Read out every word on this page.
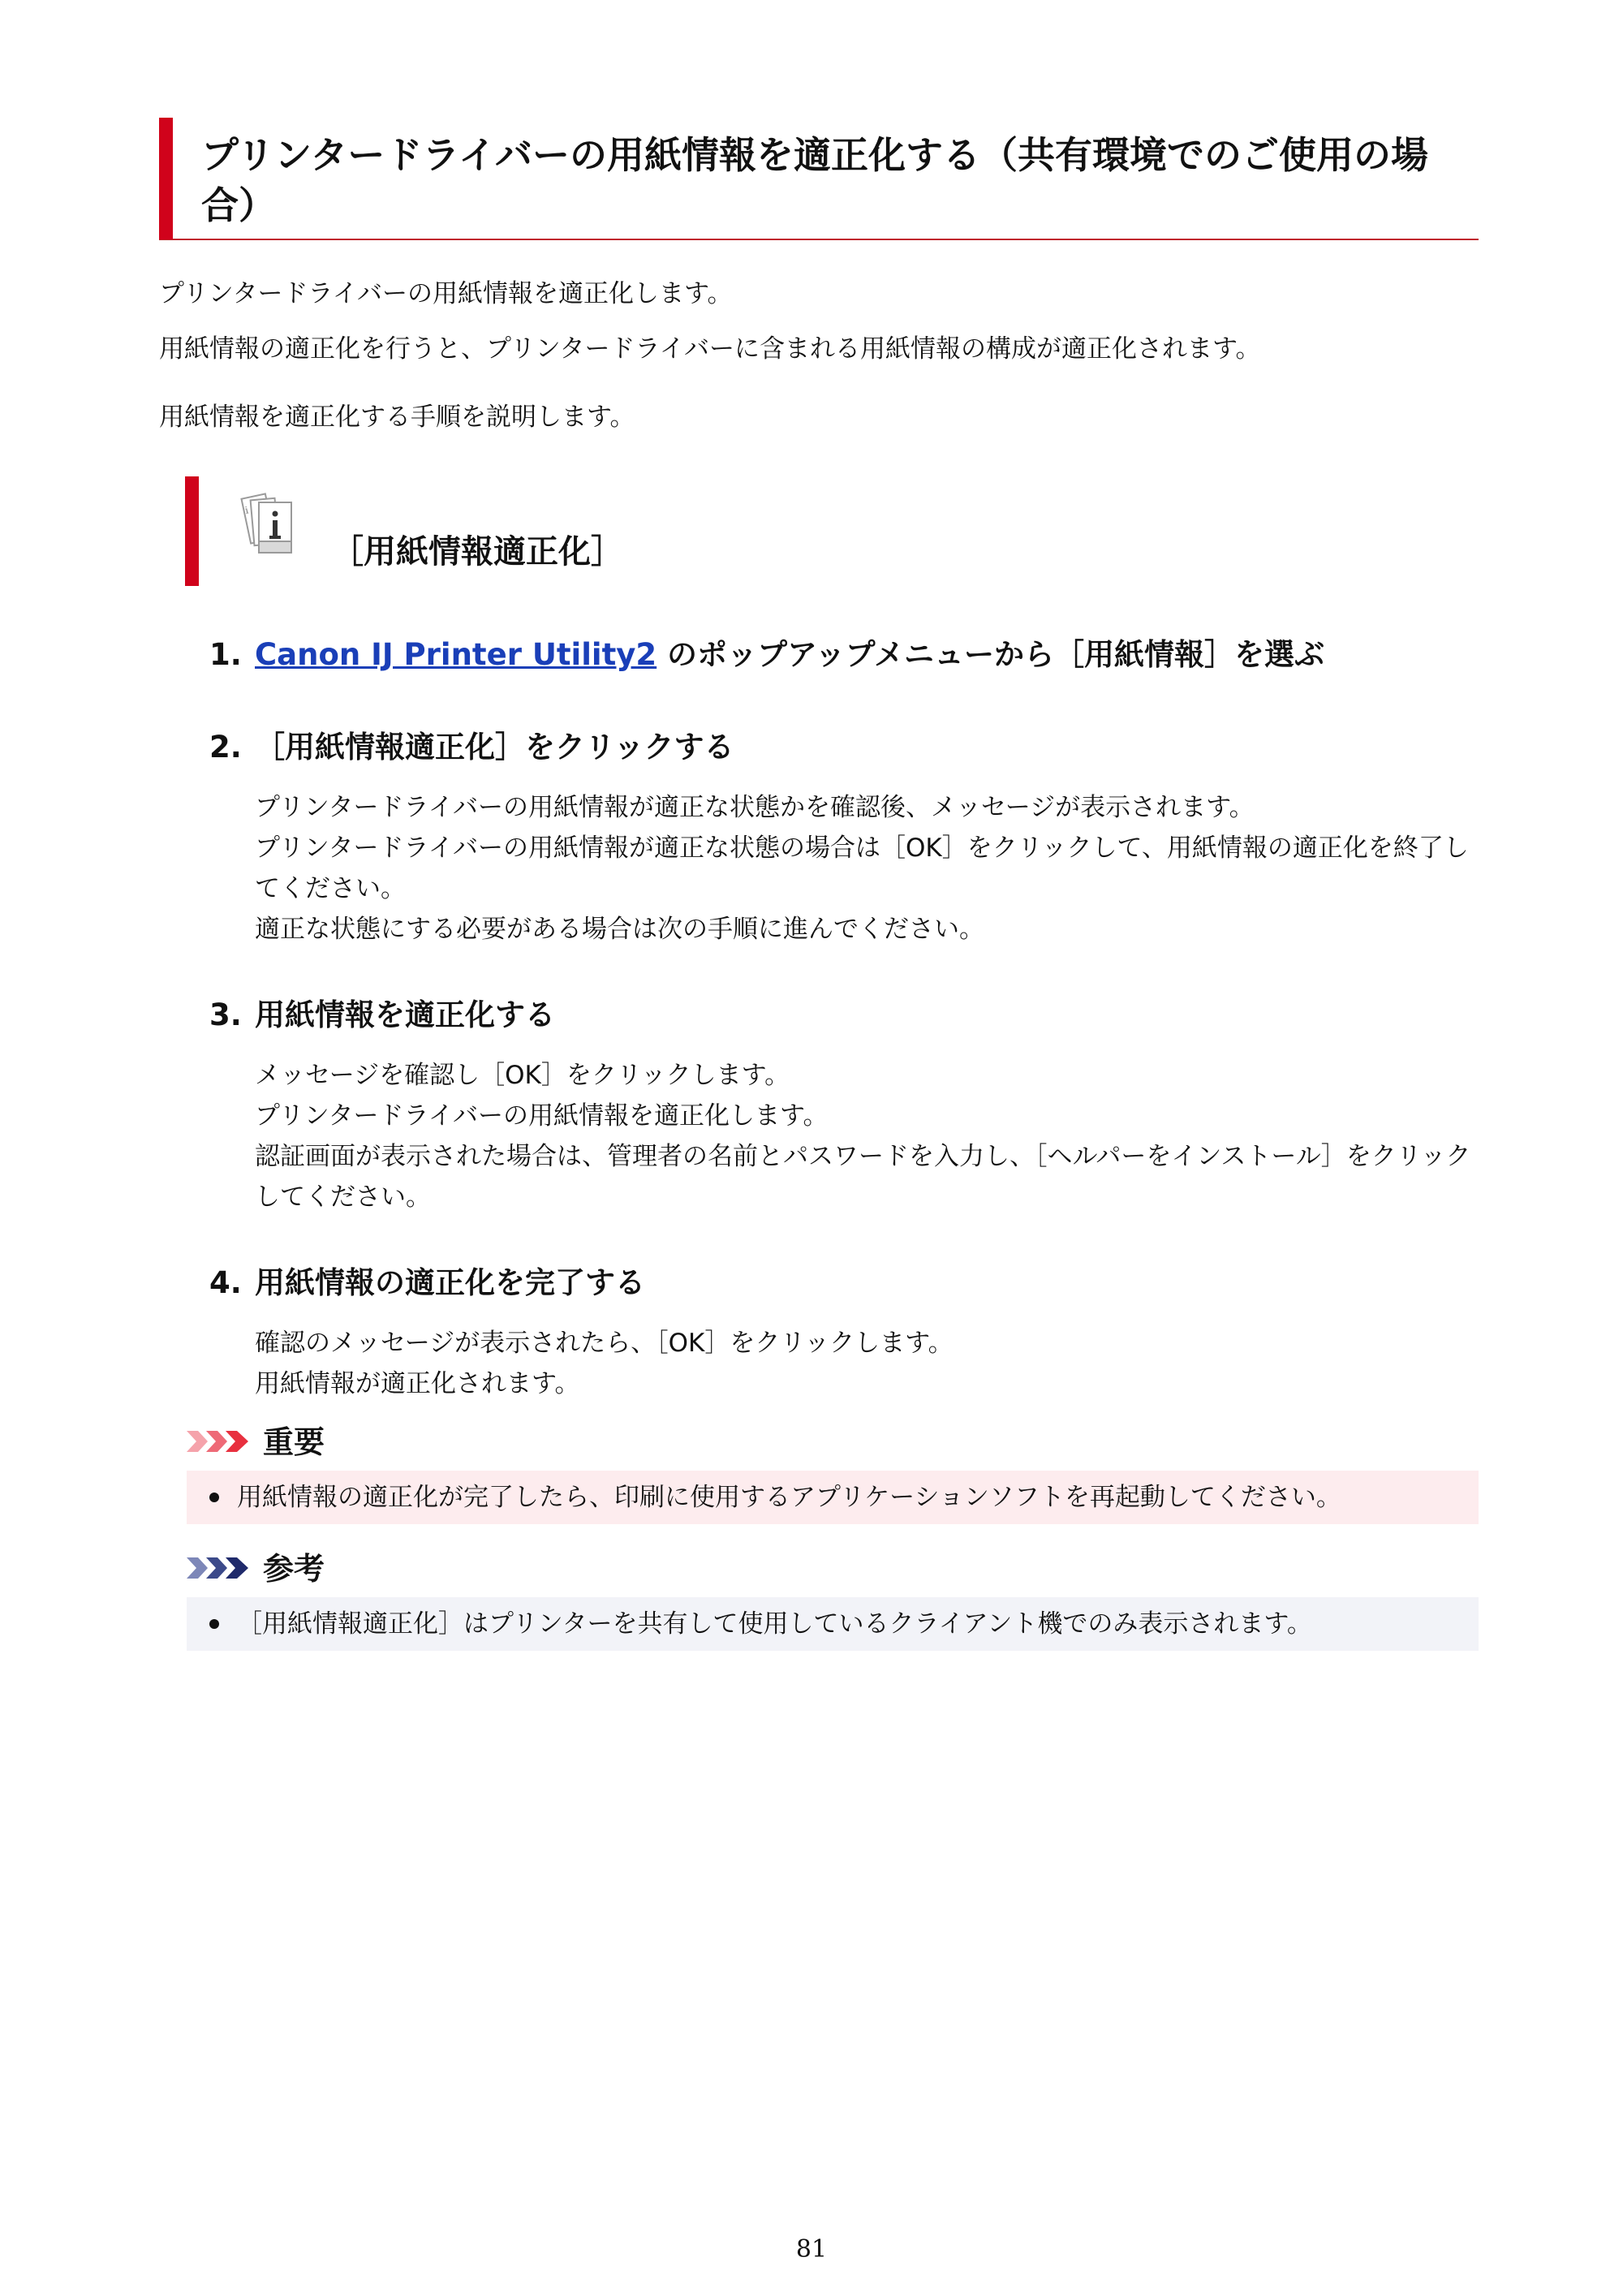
プリンタードライバーの用紙情報を適正化する（共有環境でのご使用の場合）

プリンタードライバーの用紙情報を適正化します。

用紙情報の適正化を行うと、プリンタードライバーに含まれる用紙情報の構成が適正化されます。

用紙情報を適正化する手順を説明します。

i
［用紙情報適正化］
1. Canon IJ Printer Utility2 のポップアップメニューから［用紙情報］を選ぶ
2. ［用紙情報適正化］をクリックする

プリンタードライバーの用紙情報が適正な状態かを確認後、メッセージが表示されます。

プリンタードライバーの用紙情報が適正な状態の場合は［OK］をクリックして、用紙情報の適正化を終了してください。

適正な状態にする必要がある場合は次の手順に進んでください。

3. 用紙情報を適正化する

メッセージを確認し［OK］をクリックします。

プリンタードライバーの用紙情報を適正化します。

認証画面が表示された場合は、管理者の名前とパスワードを入力し、［ヘルパーをインストール］をクリックしてください。

4. 用紙情報の適正化を完了する

確認のメッセージが表示されたら、［OK］をクリックします。

用紙情報が適正化されます。

重要
用紙情報の適正化が完了したら、印刷に使用するアプリケーションソフトを再起動してください。
参考
［用紙情報適正化］はプリンターを共有して使用しているクライアント機でのみ表示されます。
81
